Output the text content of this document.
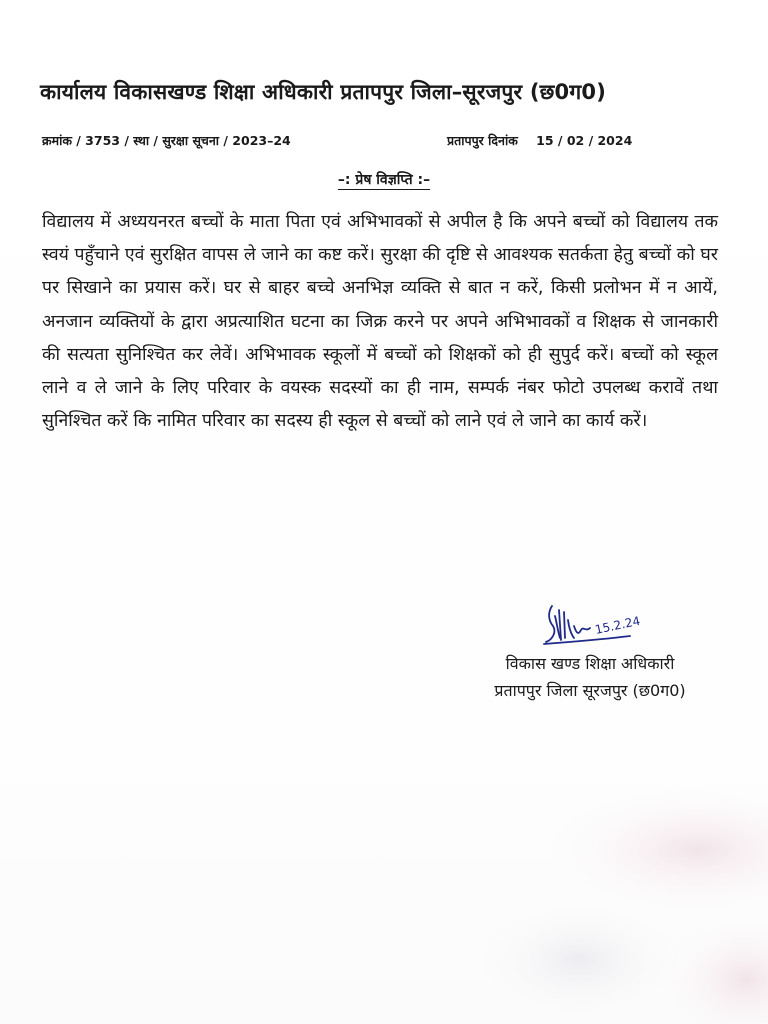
कार्यालय विकासखण्ड शिक्षा अधिकारी प्रतापपुर जिला–सूरजपुर (छ0ग0)
क्रमांक / 3753 / स्था / सुरक्षा सूचना / 2023–24	प्रतापपुर दिनांक 15 / 02 / 2024
–: प्रेष विज्ञप्ति :–
विद्यालय में अध्ययनरत बच्चों के माता पिता एवं अभिभावकों से अपील है कि अपने बच्चों को विद्यालय तक स्वयं पहुँचाने एवं सुरक्षित वापस ले जाने का कष्ट करें। सुरक्षा की दृष्टि से आवश्यक सतर्कता हेतु बच्चों को घर पर सिखाने का प्रयास करें। घर से बाहर बच्चे अनभिज्ञ व्यक्ति से बात न करें, किसी प्रलोभन में न आयें, अनजान व्यक्तियों के द्वारा अप्रत्याशित घटना का जिक्र करने पर अपने अभिभावकों व शिक्षक से जानकारी की सत्यता सुनिश्चित कर लेवें। अभिभावक स्कूलों में बच्चों को शिक्षकों को ही सुपुर्द करें। बच्चों को स्कूल लाने व ले जाने के लिए परिवार के वयस्क सदस्यों का ही नाम, सम्पर्क नंबर फोटो उपलब्ध करावें तथा सुनिश्चित करें कि नामित परिवार का सदस्य ही स्कूल से बच्चों को लाने एवं ले जाने का कार्य करें।
15.2.24
विकास खण्ड शिक्षा अधिकारी
प्रतापपुर जिला सूरजपुर (छ0ग0)
